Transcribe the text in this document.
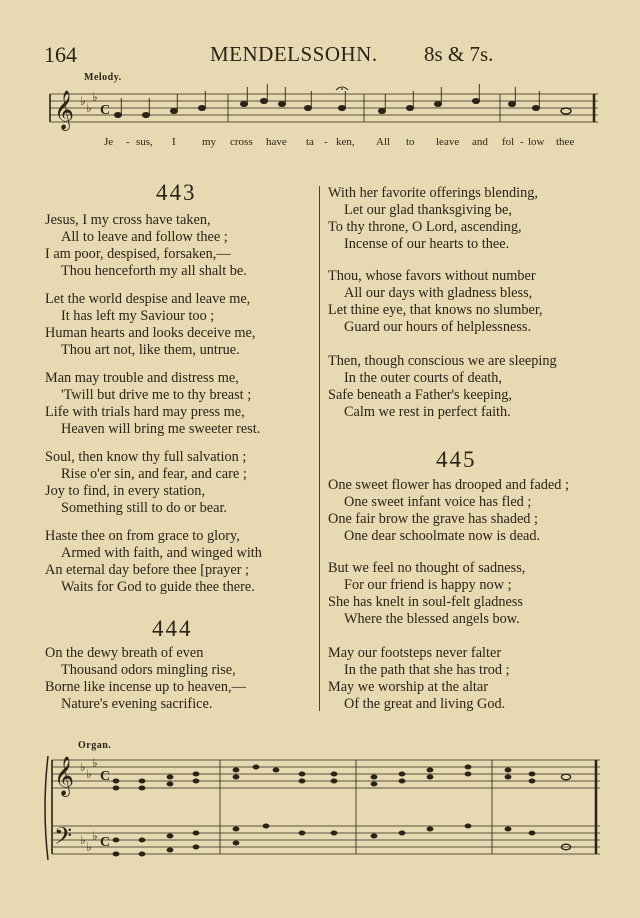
164	MENDELSSOHN. 8s & 7s.
Melody.
𝄞 ♭ ♭
♭
C
Je - sus, I my cross have ta - ken, All to leave and fol - low thee
443
Jesus, I my cross have taken,
All to leave and follow thee ;
I am poor, despised, forsaken,—
Thou henceforth my all shalt be.
Let the world despise and leave me,
It has left my Saviour too ;
Human hearts and looks deceive me,
Thou art not, like them, untrue.
Man may trouble and distress me,
'Twill but drive me to thy breast ;
Life with trials hard may press me,
Heaven will bring me sweeter rest.
Soul, then know thy full salvation ;
Rise o'er sin, and fear, and care ;
Joy to find, in every station,
Something still to do or bear.
Haste thee on from grace to glory,
Armed with faith, and winged with
An eternal day before thee [prayer ;
Waits for God to guide thee there.
444
On the dewy breath of even
Thousand odors mingling rise,
Borne like incense up to heaven,—
Nature's evening sacrifice.
With her favorite offerings blending,
Let our glad thanksgiving be,
To thy throne, O Lord, ascending,
Incense of our hearts to thee.
Thou, whose favors without number
All our days with gladness bless,
Let thine eye, that knows no slumber,
Guard our hours of helplessness.
Then, though conscious we are sleeping
In the outer courts of death,
Safe beneath a Father's keeping,
Calm we rest in perfect faith.
445
One sweet flower has drooped and faded ;
One sweet infant voice has fled ;
One fair brow the grave has shaded ;
One dear schoolmate now is dead.
But we feel no thought of sadness,
For our friend is happy now ;
She has knelt in soul-felt gladness
Where the blessed angels bow.
May our footsteps never falter
In the path that she has trod ;
May we worship at the altar
Of the great and living God.
Organ.
𝄞
𝄢
♭ ♭
♭
♭ ♭
♭
C
C
